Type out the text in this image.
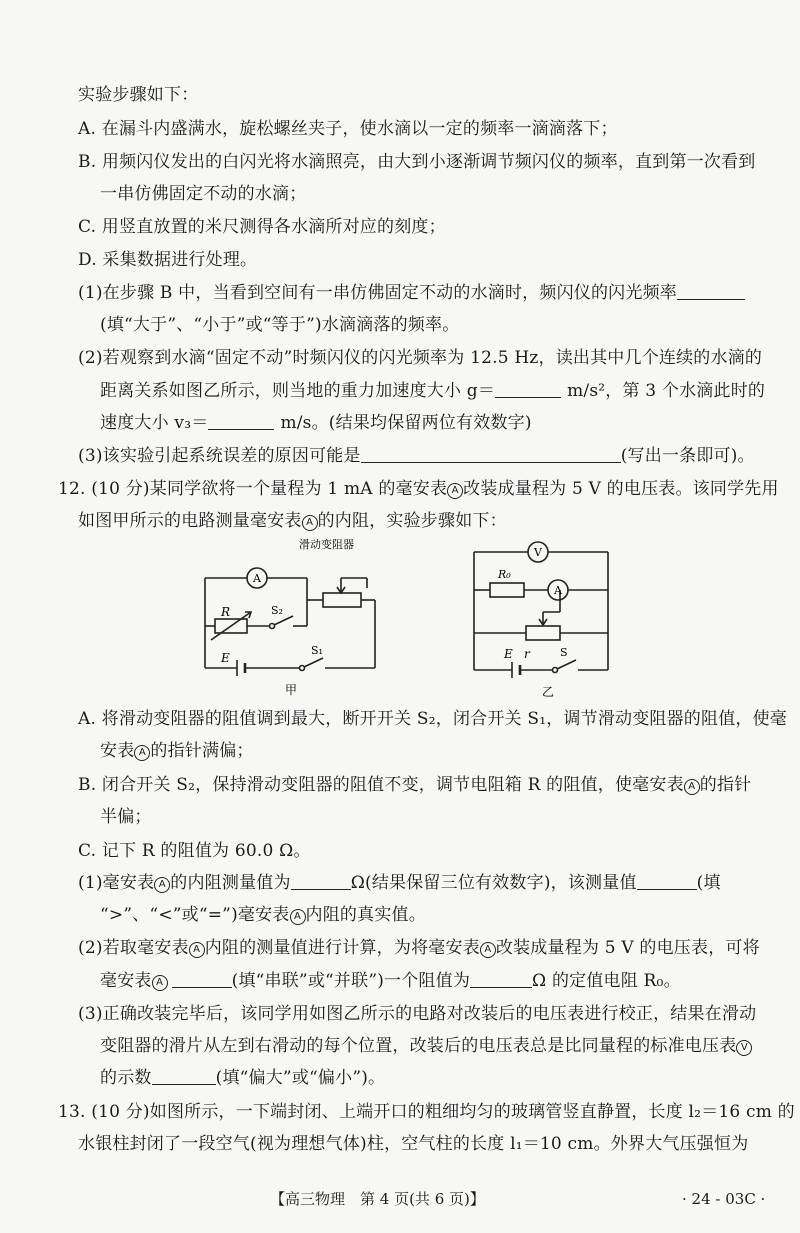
实验步骤如下：
A. 在漏斗内盛满水，旋松螺丝夹子，使水滴以一定的频率一滴滴落下；
B. 用频闪仪发出的白闪光将水滴照亮，由大到小逐渐调节频闪仪的频率，直到第一次看到
一串仿佛固定不动的水滴；
C. 用竖直放置的米尺测得各水滴所对应的刻度；
D. 采集数据进行处理。
(1)在步骤 B 中，当看到空间有一串仿佛固定不动的水滴时，频闪仪的闪光频率
(填“大于”、“小于”或“等于”)水滴滴落的频率。
(2)若观察到水滴“固定不动”时频闪仪的闪光频率为 12.5 Hz，读出其中几个连续的水滴的
距离关系如图乙所示，则当地的重力加速度大小 g＝	m/s²，第 3 个水滴此时的
速度大小 v₃＝	m/s。(结果均保留两位有效数字)
(3)该实验引起系统误差的原因可能是	(写出一条即可)。
12. (10 分)某同学欲将一个量程为 1 mA 的毫安表 A 改装成量程为 5 V 的电压表。该同学先用
如图甲所示的电路测量毫安表 A 的内阻，实验步骤如下：
A
滑动变阻器
R	S₂
E
S₁
甲
V
A
R₀
E r	S
乙
A. 将滑动变阻器的阻值调到最大，断开开关 S₂，闭合开关 S₁，调节滑动变阻器的阻值，使毫
安表 A 的指针满偏；
B. 闭合开关 S₂，保持滑动变阻器的阻值不变，调节电阻箱 R 的阻值，使毫安表 A 的指针
半偏；
C. 记下 R 的阻值为 60.0 Ω。
(1)毫安表 A 的内阻测量值为	Ω(结果保留三位有效数字)，该测量值	(填
“>”、“<”或“=”)毫安表 A 内阻的真实值。
(2)若取毫安表 A 内阻的测量值进行计算，为将毫安表 A 改装成量程为 5 V 的电压表，可将
毫安表 A	(填“串联”或“并联”)一个阻值为	Ω 的定值电阻 R₀。
(3)正确改装完毕后，该同学用如图乙所示的电路对改装后的电压表进行校正，结果在滑动
变阻器的滑片从左到右滑动的每个位置，改装后的电压表总是比同量程的标准电压表 V
的示数	(填“偏大”或“偏小”)。
13. (10 分)如图所示，一下端封闭、上端开口的粗细均匀的玻璃管竖直静置，长度 l₂＝16 cm 的
水银柱封闭了一段空气(视为理想气体)柱，空气柱的长度 l₁＝10 cm。外界大气压强恒为
【高三物理　第 4 页(共 6 页)】	· 24 - 03C ·
